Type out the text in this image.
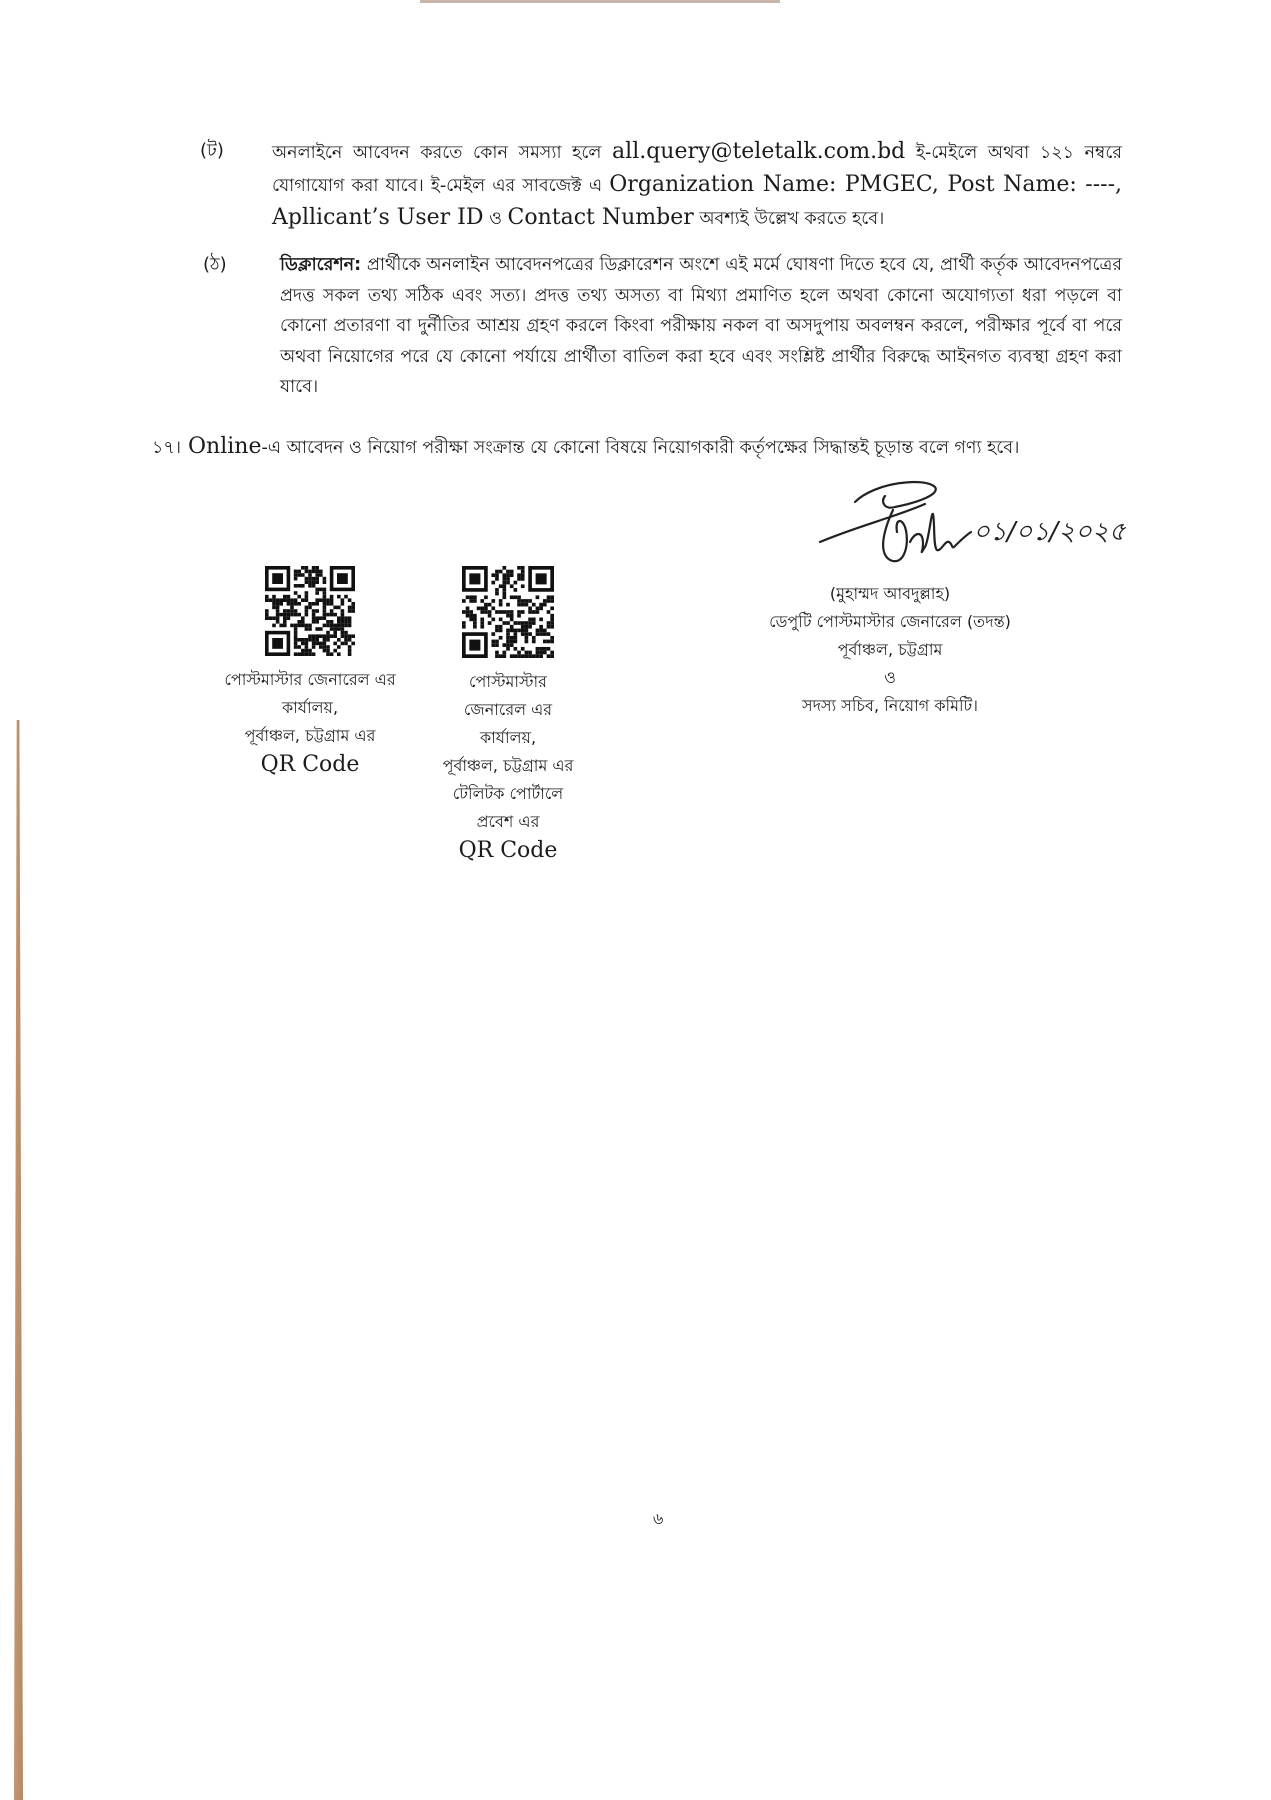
(ট)	অনলাইনে আবেদন করতে কোন সমস্যা হলে all.query@teletalk.com.bd ই-মেইলে অথবা ১২১ নম্বরে যোগাযোগ করা যাবে। ই-মেইল এর সাবজেক্ট এ Organization Name: PMGEC, Post Name: ----, Apllicant’s User ID ও Contact Number অবশ্যই উল্লেখ করতে হবে।
(ঠ)	ডিক্লারেশন: প্রার্থীকে অনলাইন আবেদনপত্রের ডিক্লারেশন অংশে এই মর্মে ঘোষণা দিতে হবে যে, প্রার্থী কর্তৃক আবেদনপত্রের প্রদত্ত সকল তথ্য সঠিক এবং সত্য। প্রদত্ত তথ্য অসত্য বা মিথ্যা প্রমাণিত হলে অথবা কোনো অযোগ্যতা ধরা পড়লে বা কোনো প্রতারণা বা দুর্নীতির আশ্রয় গ্রহণ করলে কিংবা পরীক্ষায় নকল বা অসদুপায় অবলম্বন করলে, পরীক্ষার পূর্বে বা পরে অথবা নিয়োগের পরে যে কোনো পর্যায়ে প্রার্থীতা বাতিল করা হবে এবং সংশ্লিষ্ট প্রার্থীর বিরুদ্ধে আইনগত ব্যবস্থা গ্রহণ করা যাবে।
১৭। Online-এ আবেদন ও নিয়োগ পরীক্ষা সংক্রান্ত যে কোনো বিষয়ে নিয়োগকারী কর্তৃপক্ষের সিদ্ধান্তই চূড়ান্ত বলে গণ্য হবে।
০১/০১/২০২৫
(মুহাম্মদ আবদুল্লাহ)
ডেপুটি পোস্টমাস্টার জেনারেল (তদন্ত)
পূর্বাঞ্চল, চট্টগ্রাম
ও
সদস্য সচিব, নিয়োগ কমিটি।
পোস্টমাস্টার জেনারেল এর
কার্যালয়,
পূর্বাঞ্চল, চট্টগ্রাম এর
QR Code
পোস্টমাস্টার
জেনারেল এর
কার্যালয়,
পূর্বাঞ্চল, চট্টগ্রাম এর
টেলিটক পোর্টালে
প্রবেশ এর
QR Code
৬
